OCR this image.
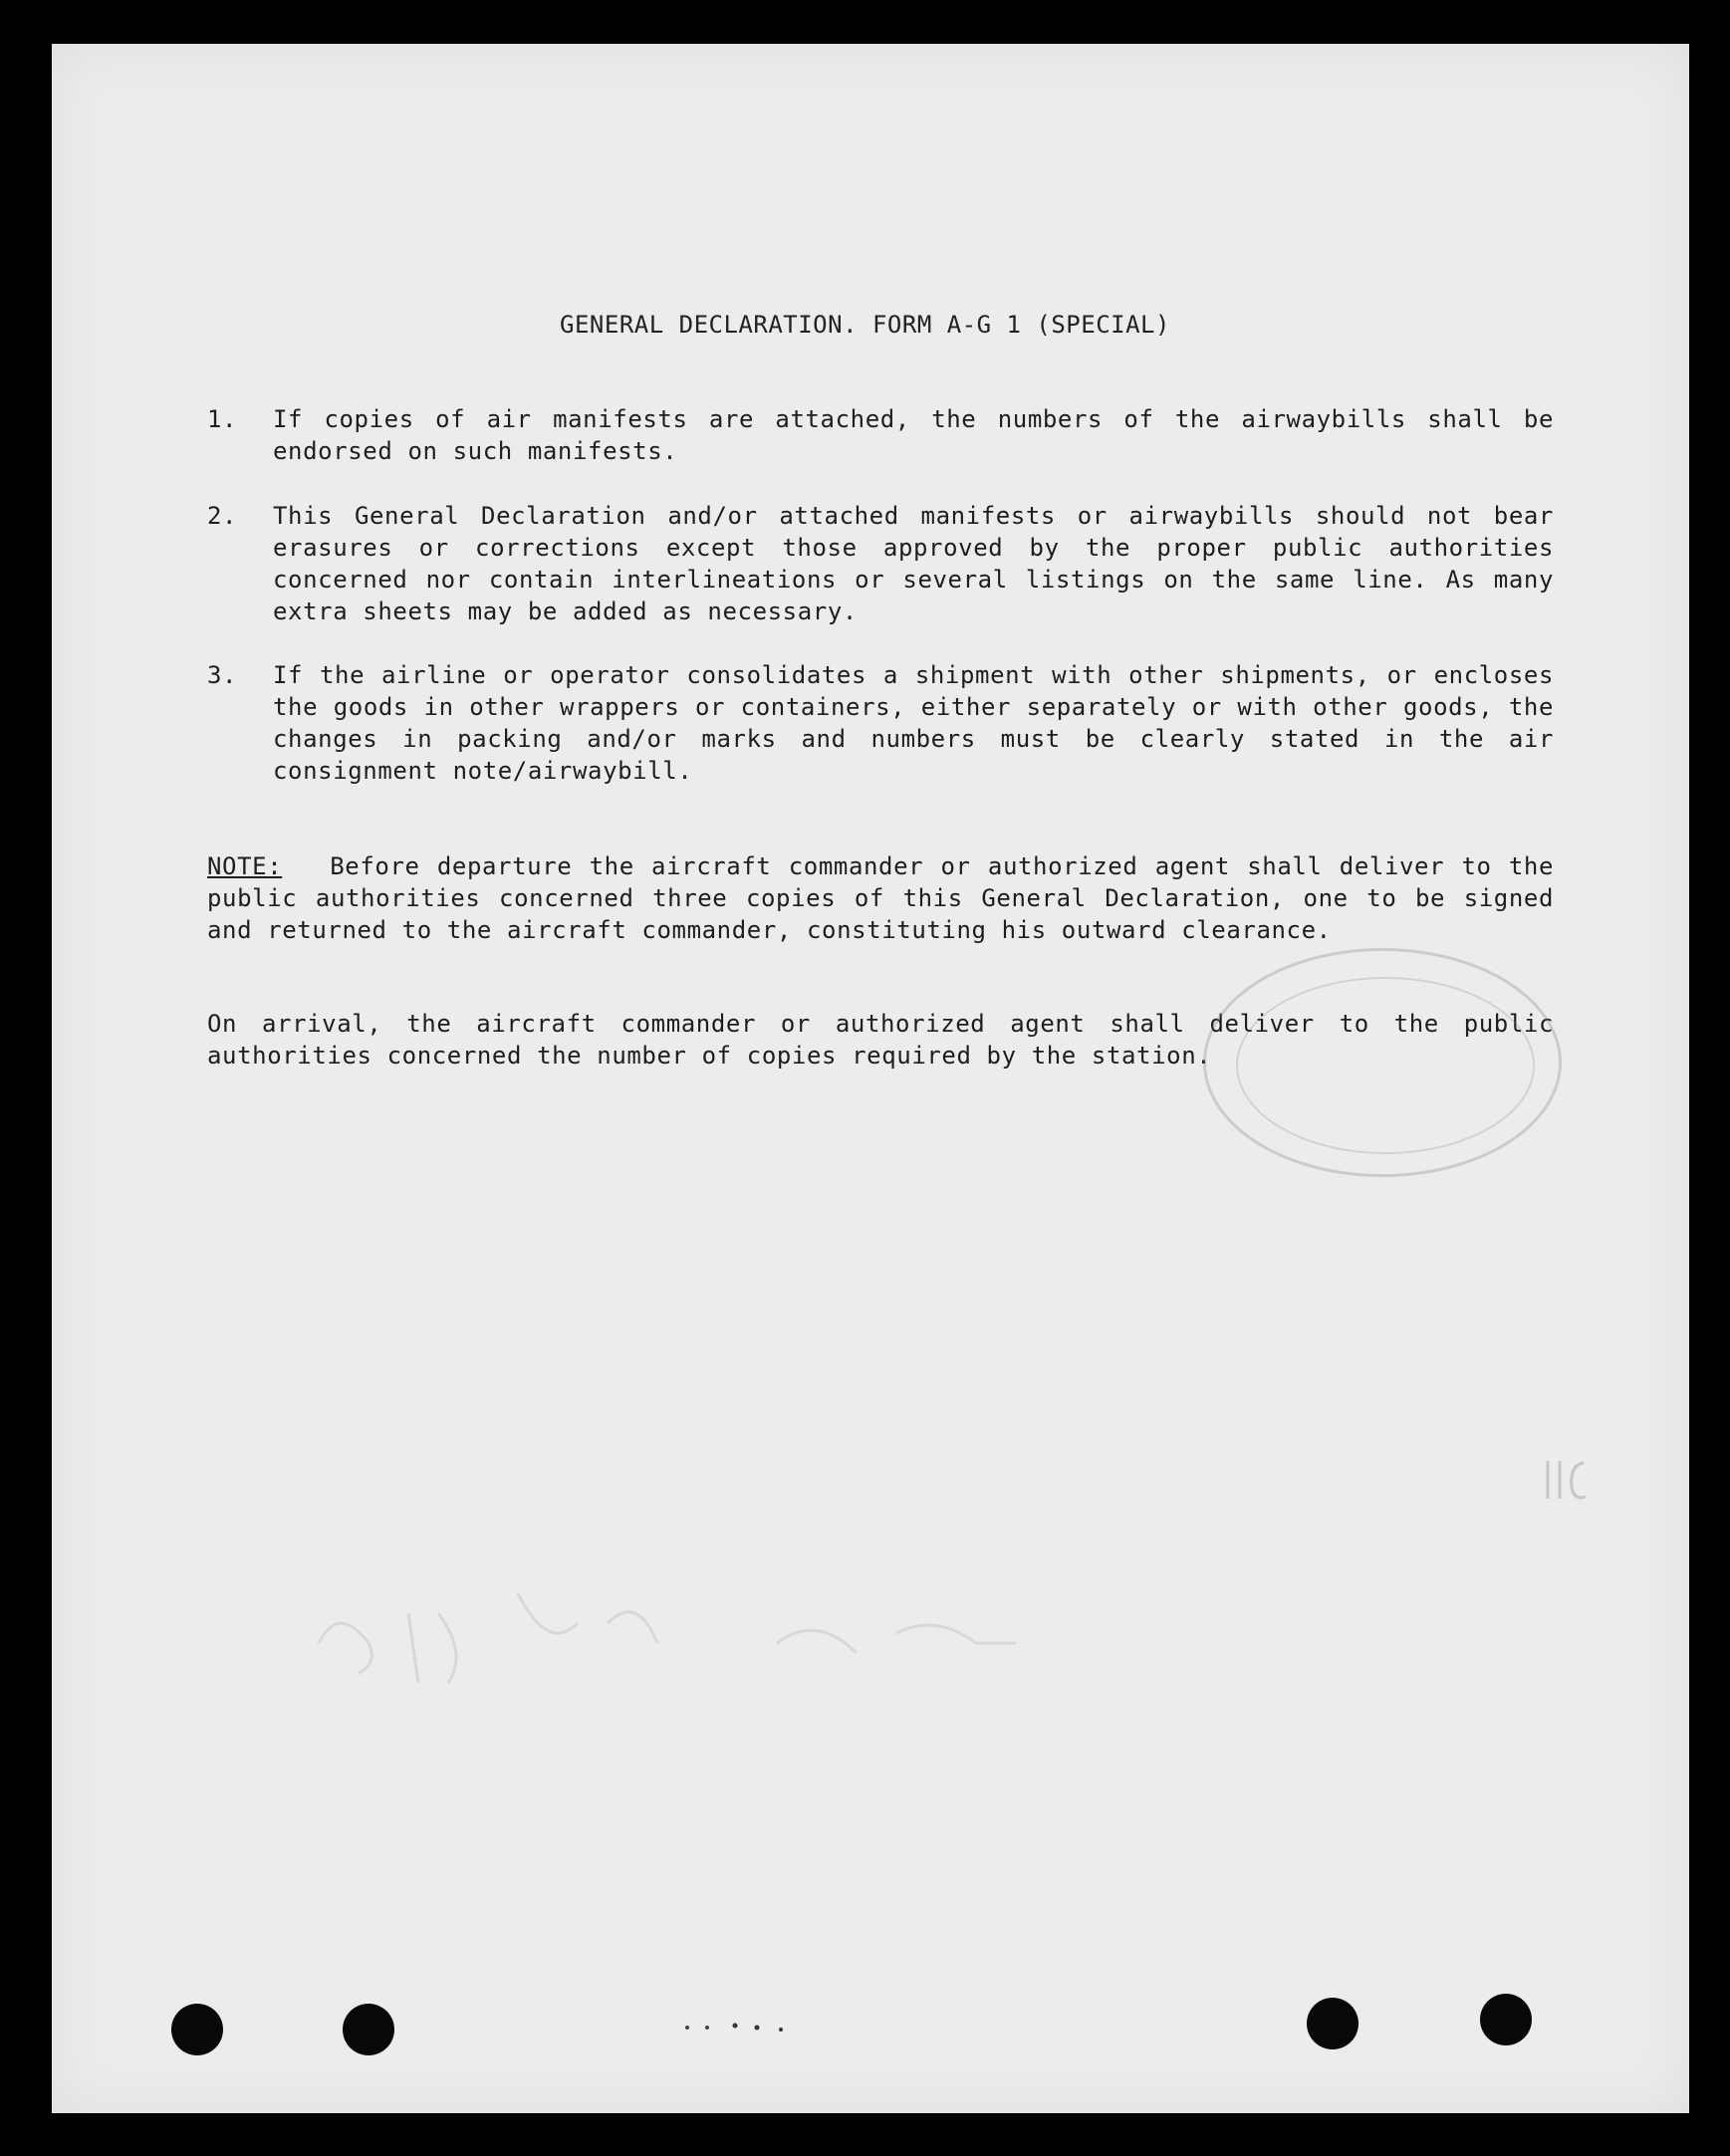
GENERAL DECLARATION. FORM A-G 1 (SPECIAL)
1.	If copies of air manifests are attached, the numbers of the airwaybills shall be endorsed on such manifests.
2.	This General Declaration and/or attached manifests or airwaybills should not bear erasures or corrections except those approved by the proper public authorities concerned nor contain interlineations or several listings on the same line. As many extra sheets may be added as necessary.
3.	If the airline or operator consolidates a shipment with other shipments, or encloses the goods in other wrappers or containers, either separately or with other goods, the changes in packing and/or marks and numbers must be clearly stated in the air consignment note/airwaybill.
NOTE: Before departure the aircraft commander or authorized agent shall deliver to the public authorities concerned three copies of this General Declaration, one to be signed and returned to the aircraft commander, constituting his outward clearance.
On arrival, the aircraft commander or authorized agent shall deliver to the public authorities concerned the number of copies required by the station.
